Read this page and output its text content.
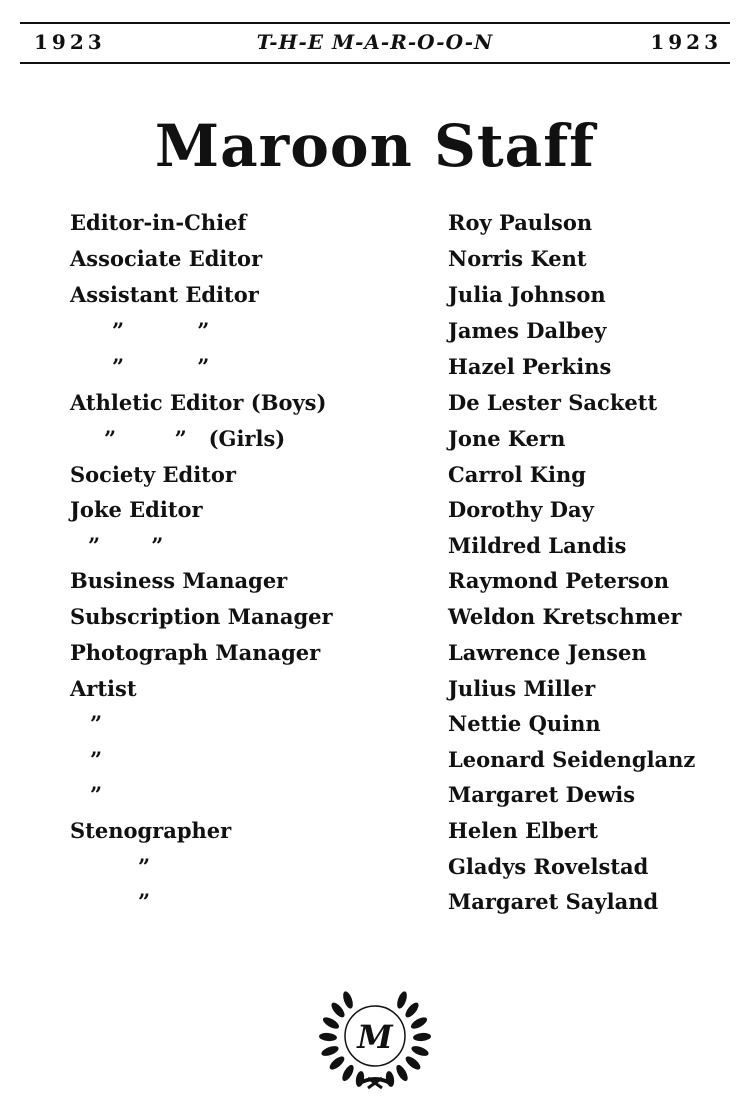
1923	T-H-E M-A-R-O-O-N	1923
Maroon Staff
Editor-in-Chief	Roy Paulson
Associate Editor	Norris Kent
Assistant Editor	Julia Johnson
”          ”	James Dalbey
”          ”	Hazel Perkins
Athletic Editor (Boys)	De Lester Sackett
”        ”   (Girls)	Jone Kern
Society Editor	Carrol King
Joke Editor	Dorothy Day
”       ”	Mildred Landis
Business Manager	Raymond Peterson
Subscription Manager	Weldon Kretschmer
Photograph Manager	Lawrence Jensen
Artist	Julius Miller
”	Nettie Quinn
”	Leonard Seidenglanz
”	Margaret Dewis
Stenographer	Helen Elbert
”	Gladys Rovelstad
”	Margaret Sayland
M
